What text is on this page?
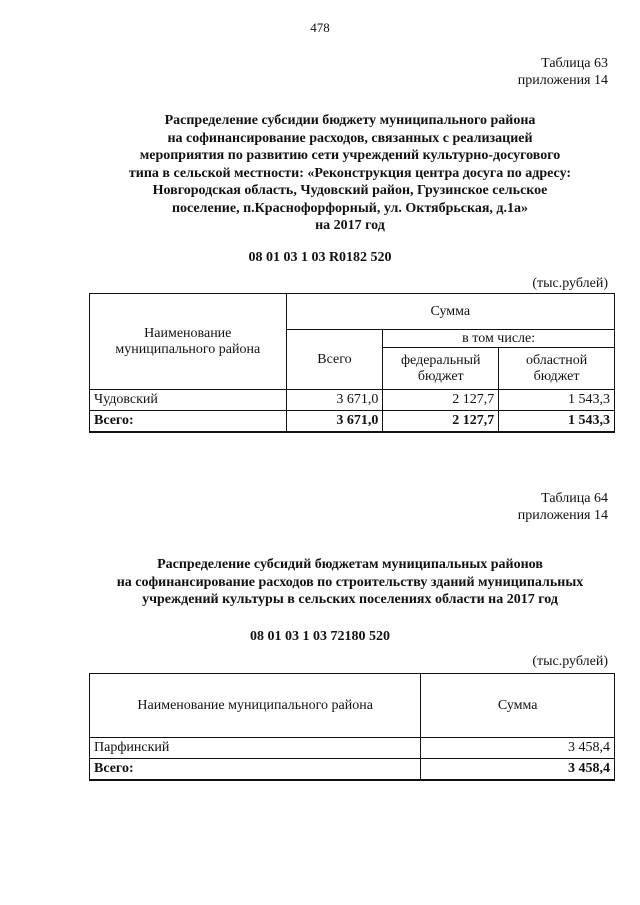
478
Таблица 63
приложения 14
Распределение субсидии бюджету муниципального района
на софинансирование расходов, связанных с реализацией
мероприятия по развитию сети учреждений культурно-досугового
типа в сельской местности: «Реконструкция центра досуга по адресу:
Новгородская область, Чудовский район, Грузинское сельское
поселение, п.Краснофорфорный, ул. Октябрьская, д.1а»
на 2017 год
08 01 03 1 03 R0182 520
(тыс.рублей)
Наименование муниципального района	Сумма		
	Всего	в том числе:	
		федеральный бюджет	областной бюджет
Чудовский	3 671,0	2 127,7	1 543,3
Всего:	3 671,0	2 127,7	1 543,3
Таблица 64
приложения 14
Распределение субсидий бюджетам муниципальных районов
на софинансирование расходов по строительству зданий муниципальных
учреждений культуры в сельских поселениях области на 2017 год
08 01 03 1 03 72180 520
(тыс.рублей)
Наименование муниципального района	Сумма
Парфинский	3 458,4
Всего:	3 458,4
